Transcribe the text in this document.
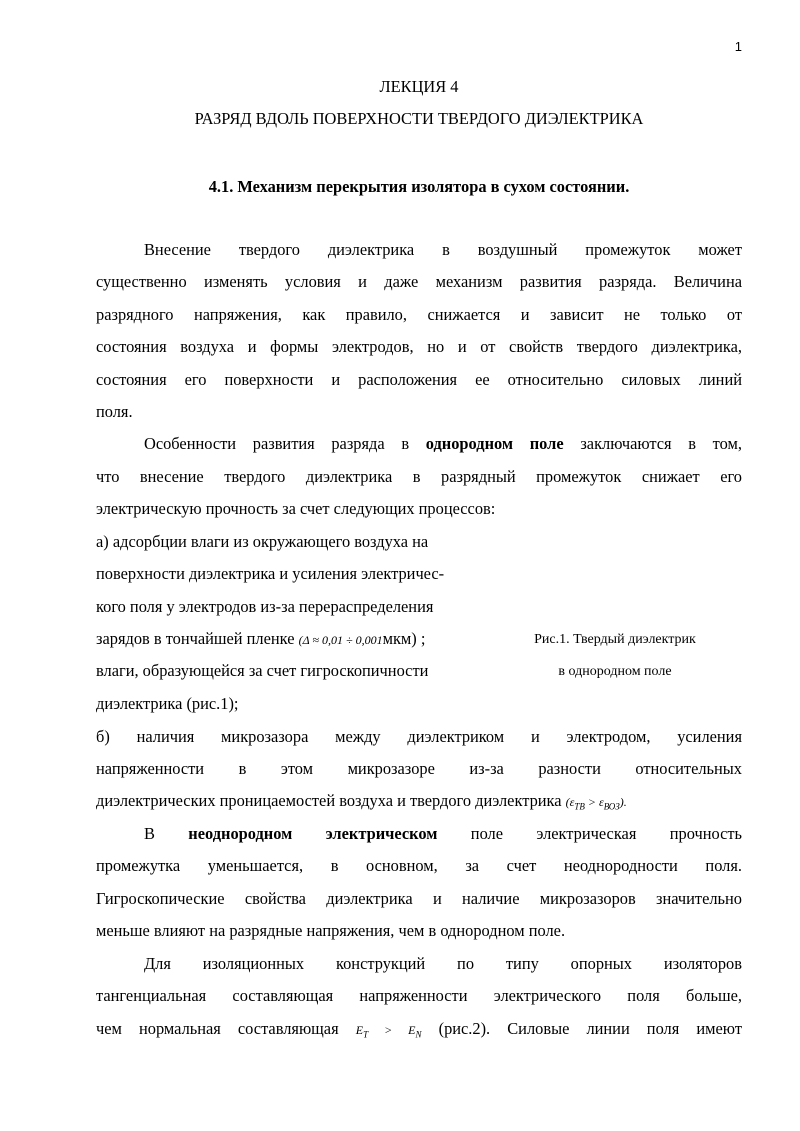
1
ЛЕКЦИЯ 4
РАЗРЯД ВДОЛЬ ПОВЕРХНОСТИ ТВЕРДОГО ДИЭЛЕКТРИКА
4.1. Механизм перекрытия изолятора в сухом состоянии.
Внесение твердого диэлектрика в воздушный промежуток может
существенно изменять условия и даже механизм развития разряда. Величина
разрядного напряжения, как правило, снижается и зависит не только от
состояния воздуха и формы электродов, но и от свойств твердого диэлектрика,
состояния его поверхности и расположения ее относительно силовых линий
поля.
Особенности развития разряда в однородном поле заключаются в том,
что внесение твердого диэлектрика в разрядный промежуток снижает его
электрическую прочность за счет следующих процессов:
а) адсорбции влаги из окружающего воздуха на
поверхности диэлектрика и усиления электричес-
кого поля у электродов из-за перераспределения
зарядов в тончайшей пленке (Δ ≈ 0,01 ÷ 0,001мкм) ;
влаги, образующейся за счет гигроскопичности
диэлектрика (рис.1);
Рис.1. Твердый диэлектрик
в однородном поле
б) наличия микрозазора между диэлектриком и электродом, усиления
напряженности в этом микрозазоре из-за разности относительных
диэлектрических проницаемостей воздуха и твердого диэлектрика $(\varepsilon_{ТВ} > \varepsilon_{ВОЗ})$.
В неоднородном электрическом поле электрическая прочность
промежутка уменьшается, в основном, за счет неоднородности поля.
Гигроскопические свойства диэлектрика и наличие микрозазоров значительно
меньше влияют на разрядные напряжения, чем в однородном поле.
Для изоляционных конструкций по типу опорных изоляторов
тангенциальная составляющая напряженности электрического поля больше,
чем нормальная составляющая $E_T > E_N$ (рис.2). Силовые линии поля имеют
